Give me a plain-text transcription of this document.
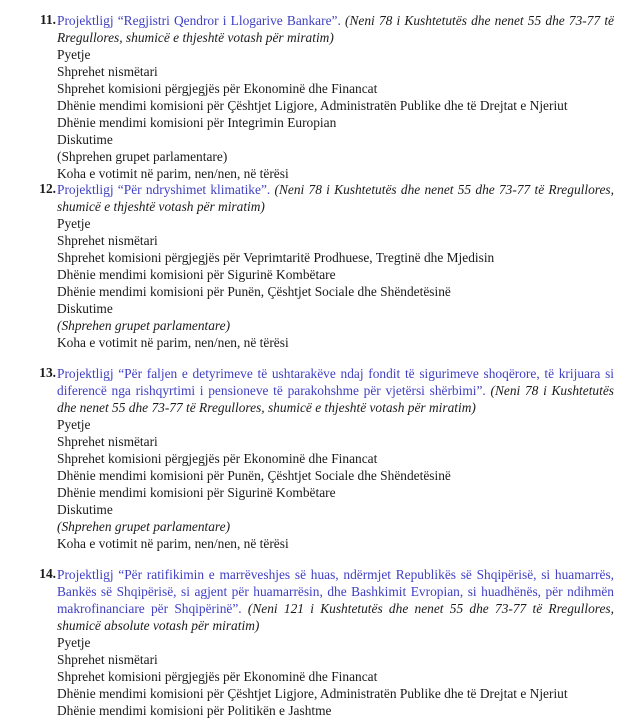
11. Projektligj “Regjistri Qendror i Llogarive Bankare”. (Neni 78 i Kushtetutës dhe nenet 55 dhe 73-77 të Rregullores, shumicë e thjeshtë votash për miratim)
Pyetje
Shprehet nismëtari
Shprehet komisioni përgjegjës për Ekonominë dhe Financat
Dhënie mendimi komisioni për Çështjet Ligjore, Administratën Publike dhe të Drejtat e Njeriut
Dhënie mendimi komisioni për Integrimin Europian
Diskutime
(Shprehen grupet parlamentare)
Koha e votimit në parim, nen/nen, në tërësi
12. Projektligj “Për ndryshimet klimatike”. (Neni 78 i Kushtetutës dhe nenet 55 dhe 73-77 të Rregullores, shumicë e thjeshtë votash për miratim)
Pyetje
Shprehet nismëtari
Shprehet komisioni përgjegjës për Veprimtaritë Prodhuese, Tregtinë dhe Mjedisin
Dhënie mendimi komisioni për Sigurinë Kombëtare
Dhënie mendimi komisioni për Punën, Çështjet Sociale dhe Shëndetësinë
Diskutime
(Shprehen grupet parlamentare)
Koha e votimit në parim, nen/nen, në tërësi
13. Projektligj “Për faljen e detyrimeve të ushtarakëve ndaj fondit të sigurimeve shoqërore, të krijuara si diferencë nga rishqyrtimi i pensioneve të parakohshme për vjetërsi shërbimi”. (Neni 78 i Kushtetutës dhe nenet 55 dhe 73-77 të Rregullores, shumicë e thjeshtë votash për miratim)
Pyetje
Shprehet nismëtari
Shprehet komisioni përgjegjës për Ekonominë dhe Financat
Dhënie mendimi komisioni për Punën, Çështjet Sociale dhe Shëndetësinë
Dhënie mendimi komisioni për Sigurinë Kombëtare
Diskutime
(Shprehen grupet parlamentare)
Koha e votimit në parim, nen/nen, në tërësi
14. Projektligj “Për ratifikimin e marrëveshjes së huas, ndërmjet Republikës së Shqipërisë, si huamarrës, Bankës së Shqipërisë, si agjent për huamarrësin, dhe Bashkimit Evropian, si huadhënës, për ndihmën makrofinanciare për Shqipërinë”. (Neni 121 i Kushtetutës dhe nenet 55 dhe 73-77 të Rregullores, shumicë absolute votash për miratim)
Pyetje
Shprehet nismëtari
Shprehet komisioni përgjegjës për Ekonominë dhe Financat
Dhënie mendimi komisioni për Çështjet Ligjore, Administratën Publike dhe të Drejtat e Njeriut
Dhënie mendimi komisioni për Politikën e Jashtme
